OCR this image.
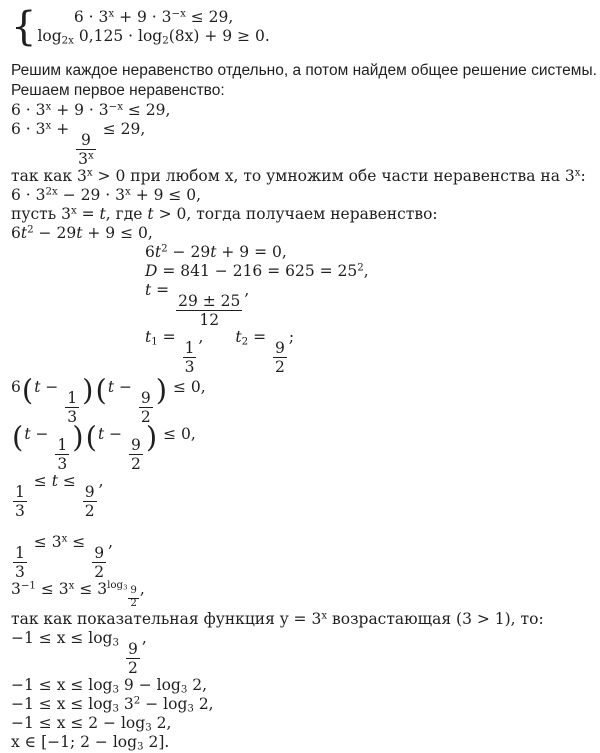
{	$6 \cdot 3^x + 9 \cdot 3^{-x} \le 29$,
$\log_{2x} 0,125 \cdot \log_2(8x) + 9 \ge 0$.
Решим каждое неравенство отдельно, а потом найдем общее решение системы.
Решаем первое неравенство:
$6 \cdot 3^x + 9 \cdot 3^{-x} \le 29$,
$6 \cdot 3^x$ +
$\frac{9}{3^x}$
≤ 29,
так как $3^x > 0$ при любом x, то умножим обе части неравенства на 3$^x$:
$6 \cdot 3^{2x} - 29 \cdot 3^x + 9 \le 0$,
пусть $3^x = t$, где t > 0, тогда получаем неравенство:
$6t^2 - 29t + 9 \le 0$,
$6t^2 - 29t + 9 = 0$,
$D = 841 - 216 = 625 = 25^2$,
t =
$\frac{29 \pm 25}{12}$
,
$t_1$ =
$\frac{1}{3}$
, $t_2$ =
$\frac{9}{2}$
;
6(t −
$\frac{1}{3}$
)(t −
$\frac{9}{2}$
) ≤ 0,
(t −
$\frac{1}{3}$
)(t −
$\frac{9}{2}$
) ≤ 0,
$\frac{1}{3}$
≤ t ≤
$\frac{9}{2}$
,
$\frac{1}{3}$
≤ $3^x$ ≤
$\frac{9}{2}$
,
$3^{-1} \le 3^x \le 3^{log_3 \frac{9}{2}}$ ,
так как показательная функция $y = 3^x$ возрастающая (3 > 1), то:
$-1 \le x \le \log_3 \frac{9}{2}$
,
$-1 \le x \le \log_3 9 - \log_3 2$,
$-1 \le x \le \log_3 3^2 - \log_3 2$,
$-1 \le x \le 2 - \log_3 2$,
x ∈ [−1; $2 - \log_3 2$].
